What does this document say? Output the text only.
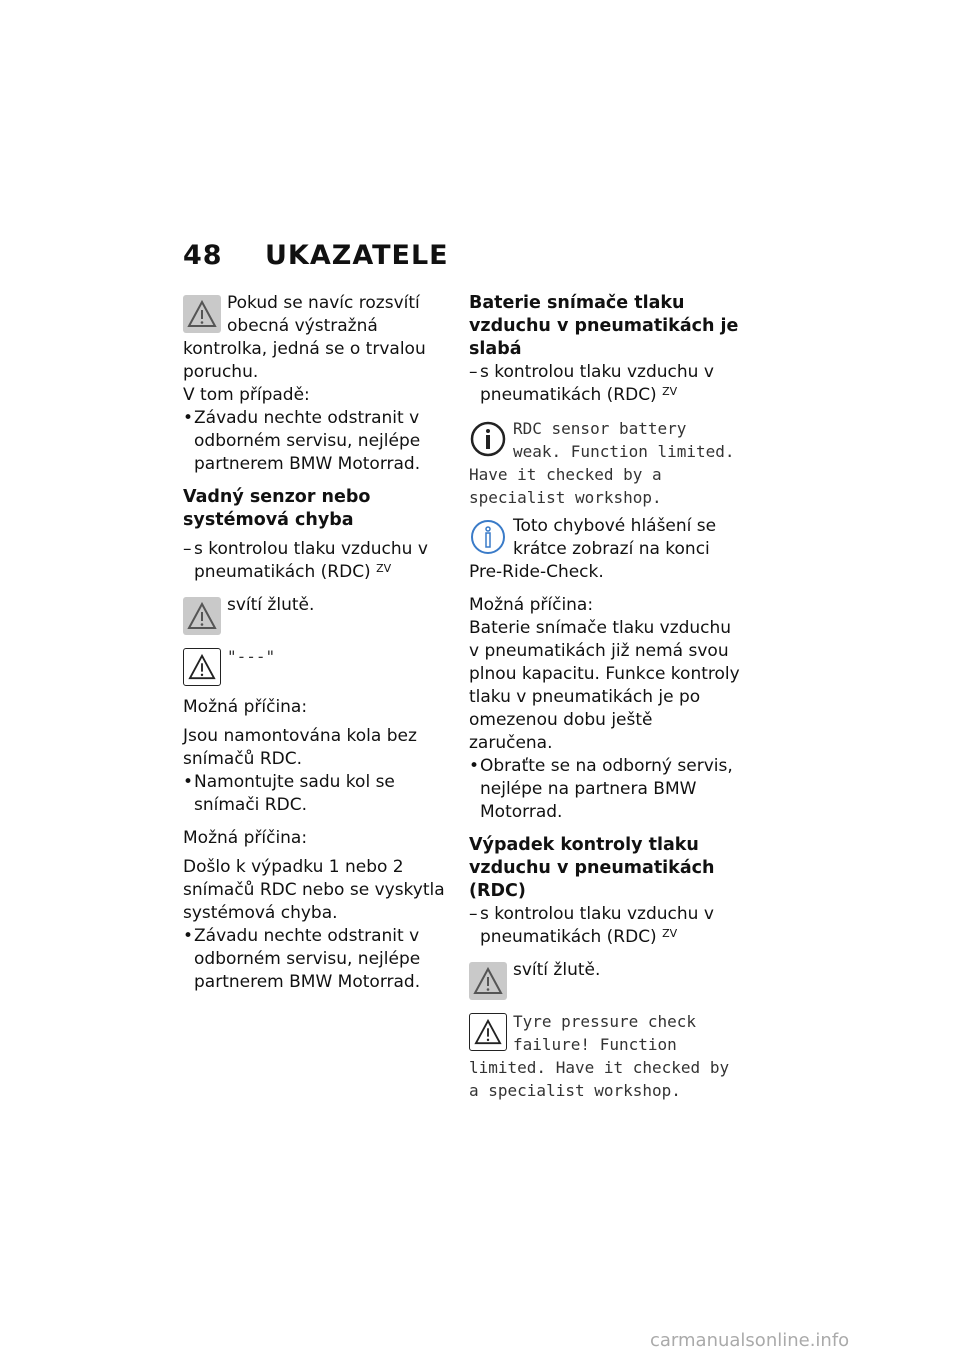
48 UKAZATELE

Pokud se navíc rozsvítí obecná výstražná kontrolka, jedná se o trvalou poruchu.

V tom případě:

• Závadu nechte odstranit v odborném servisu, nejlépe partnerem BMW Motorrad.

Vadný senzor nebo systémová chyba

– s kontrolou tlaku vzduchu v pneumatikách (RDC) $^{ZV}$

svítí žlutě.

"---"

Možná příčina:

Jsou namontována kola bez snímačů RDC.

• Namontujte sadu kol se snímači RDC.

Možná příčina:

Došlo k výpadku 1 nebo 2 snímačů RDC nebo se vyskytla systémová chyba.

• Závadu nechte odstranit v odborném servisu, nejlépe partnerem BMW Motorrad.

Baterie snímače tlaku vzduchu v pneumatikách je slabá

– s kontrolou tlaku vzduchu v pneumatikách (RDC) $^{ZV}$

RDC sensor battery weak. Function limited. Have it checked by a specialist workshop.

Toto chybové hlášení se krátce zobrazí na konci Pre-Ride-Check.

Možná příčina:

Baterie snímače tlaku vzduchu v pneumatikách již nemá svou plnou kapacitu. Funkce kontroly tlaku v pneumatikách je po omezenou dobu ještě zaručena.

• Obraťte se na odborný servis, nejlépe na partnera BMW Motorrad.

Výpadek kontroly tlaku vzduchu v pneumatikách (RDC)

– s kontrolou tlaku vzduchu v pneumatikách (RDC) $^{ZV}$

svítí žlutě.

Tyre pressure check failure! Function limited. Have it checked by a specialist workshop.

carmanualsonline.info
